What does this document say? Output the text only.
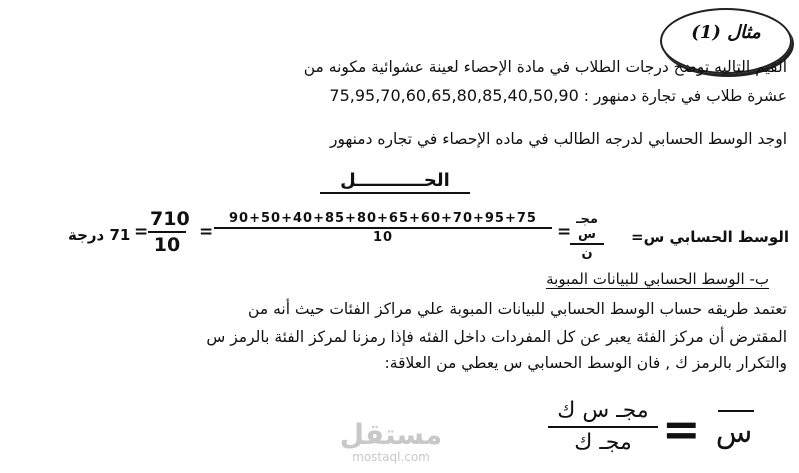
مثال (1)
القيم التاليه توضح درجات الطلاب في مادة الإحصاء لعينة عشوائية مكونه من
75,95,70,60,65,80,85,40,50,90 عشرة طلاب في تجارة دمنهور :
اوجد الوسط الحسابي لدرجه الطالب في ماده الإحصاء في تجاره دمنهور
الحـــــــــــل
الوسط الحسابي س=
مجـ س
ن
=
$\frac{90+50+40+85+80+65+60+70+95+75}{10}$
=
$\frac{710}{10}$
=
71 درجة
ب- الوسط الحسابي للبيانات المبوبة
تعتمد طريقه حساب الوسط الحسابي للبيانات المبوبة علي مراكز الفئات حيث أنه من
المقترض أن مركز الفئة يعبر عن كل المفردات داخل الفئه فإذا رمزنا لمركز الفئة بالرمز س
والتكرار بالرمز ك , فان الوسط الحسابي س يعطي من العلاقة:
س
=
مجـ س ك
مجـ ك
مستقل
mostaql.com
